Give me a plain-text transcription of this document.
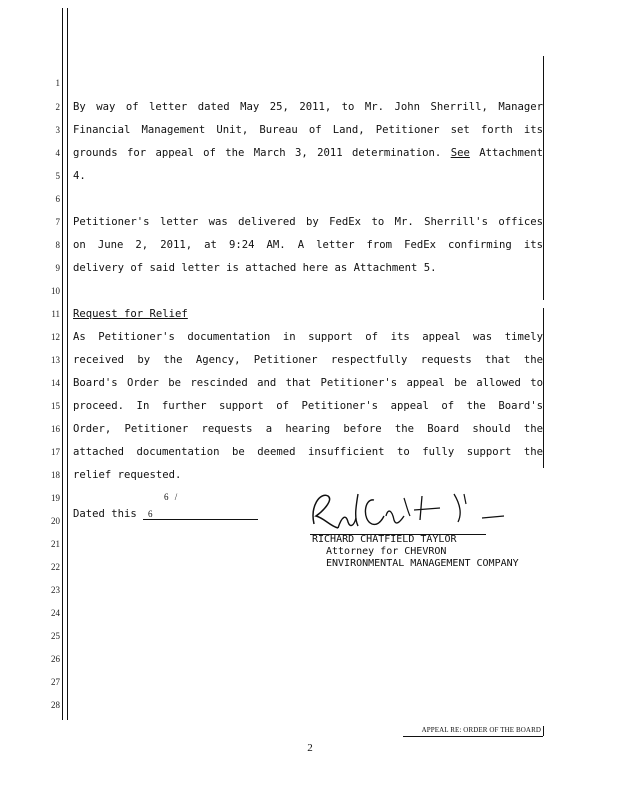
1
2
3
4
5
6
7
8
9
10
11
12
13
14
15
16
17
18
19
20
21
22
23
24
25
26
27
28
By way of letter dated May 25, 2011, to Mr. John Sherrill, Manager
Financial Management Unit, Bureau of Land, Petitioner set forth its
grounds for appeal of the March 3, 2011 determination. See Attachment
4.
Petitioner's letter was delivered by FedEx to Mr. Sherrill's offices
on June 2, 2011, at 9:24 AM. A letter from FedEx confirming its
delivery of said letter is attached here as Attachment 5.
Request for Relief
As Petitioner's documentation in support of its appeal was timely
received by the Agency, Petitioner respectfully requests that the
Board's Order be rescinded and that Petitioner's appeal be allowed to
proceed. In further support of Petitioner's appeal of the Board's
Order, Petitioner requests a hearing before the Board should the
attached documentation be deemed insufficient to fully support the
relief requested.
Dated this 6
6 /
RICHARD CHATFIELD TAYLOR
Attorney for CHEVRON
ENVIRONMENTAL MANAGEMENT COMPANY
APPEAL RE: ORDER OF THE BOARD
2
